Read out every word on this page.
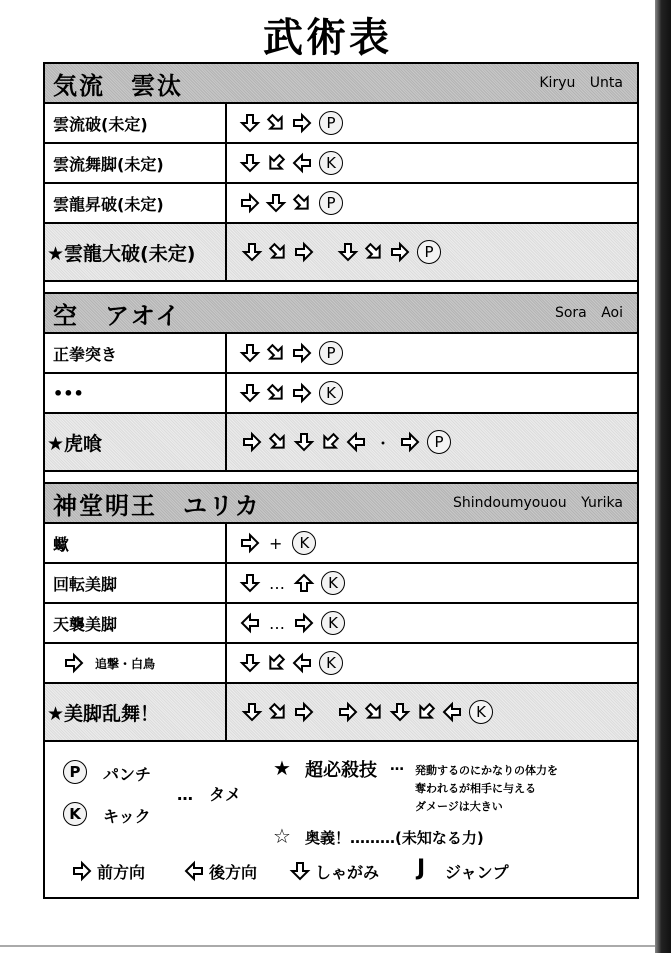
武術表
気流　雲汰	Kiryu Unta
雲流破(未定)	P
雲流舞脚(未定)	K
雲龍昇破(未定)	P
★雲龍大破(未定)	P
空　アオイ	Sora Aoi
正拳突き	P
•••	K
★虎喰	・	P
神堂明王　ユリカ	Shindoumyouou Yurika
蠍	+	K
回転美脚	…	K
天襲美脚	…	K
追撃・白鳥	K
★美脚乱舞！	K
P	パンチ
K	キック
…　タメ
★ 超必殺技 … 発動するのにかなりの体力を
奪われるが相手に与える
ダメージは大きい
☆ 奥義！………(未知なる力)
前方向	後方向	しゃがみ J ジャンプ
